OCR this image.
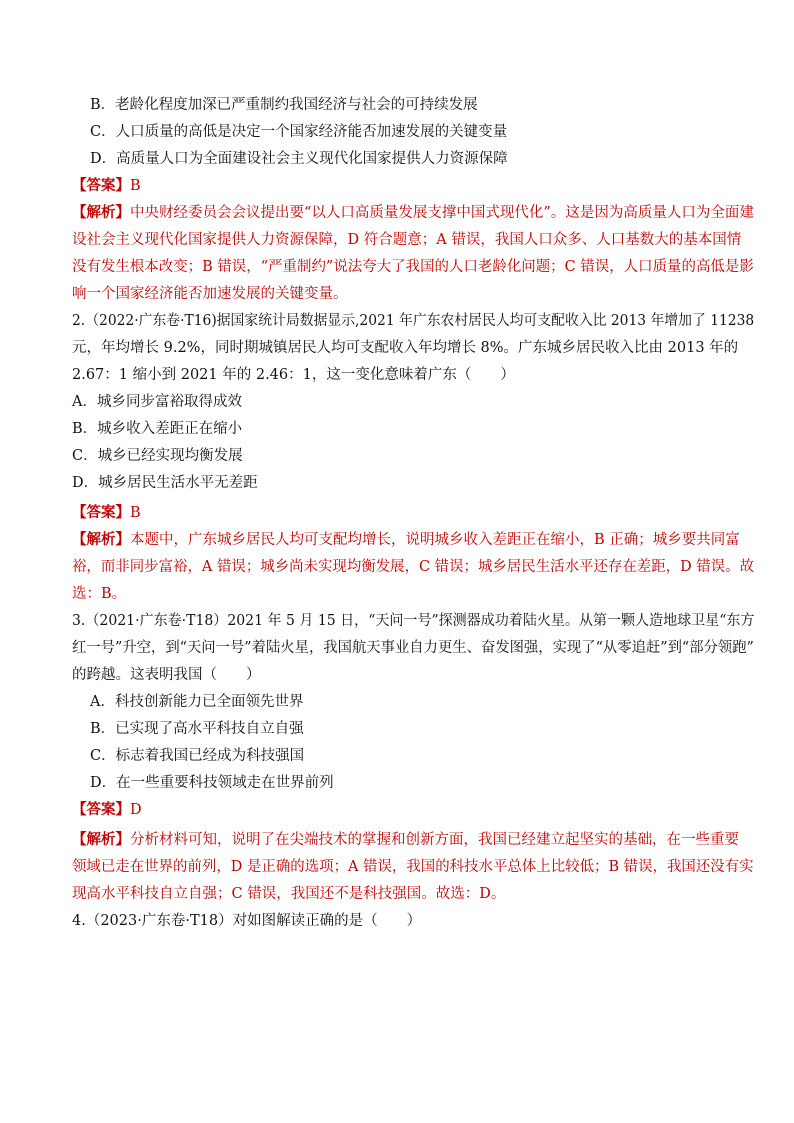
B．老龄化程度加深已严重制约我国经济与社会的可持续发展
C．人口质量的高低是决定一个国家经济能否加速发展的关键变量
D．高质量人口为全面建设社会主义现代化国家提供人力资源保障
【答案】B
【解析】中央财经委员会会议提出要“以人口高质量发展支撑中国式现代化”。这是因为高质量人口为全面建
设社会主义现代化国家提供人力资源保障，D 符合题意；A 错误，我国人口众多、人口基数大的基本国情
没有发生根本改变；B 错误，“严重制约”说法夸大了我国的人口老龄化问题；C 错误，人口质量的高低是影
响一个国家经济能否加速发展的关键变量。
2.（2022·广东卷·T16)据国家统计局数据显示,2021 年广东农村居民人均可支配收入比 2013 年增加了 11238
元，年均增长 9.2%，同时期城镇居民人均可支配收入年均增长 8%。广东城乡居民收入比由 2013 年的
2.67：1 缩小到 2021 年的 2.46：1，这一变化意味着广东（　　）
A．城乡同步富裕取得成效
B．城乡收入差距正在缩小
C．城乡已经实现均衡发展
D．城乡居民生活水平无差距
【答案】B
【解析】本题中，广东城乡居民人均可支配均增长，说明城乡收入差距正在缩小，B 正确；城乡要共同富
裕，而非同步富裕，A 错误；城乡尚未实现均衡发展，C 错误；城乡居民生活水平还存在差距，D 错误。故
选：B。
3.（2021·广东卷·T18）2021 年 5 月 15 日，“天问一号”探测器成功着陆火星。从第一颗人造地球卫星“东方
红一号”升空，到“天问一号”着陆火星，我国航天事业自力更生、奋发图强，实现了“从零追赶”到“部分领跑”
的跨越。这表明我国（　　）
A．科技创新能力已全面领先世界
B．已实现了高水平科技自立自强
C．标志着我国已经成为科技强国
D．在一些重要科技领域走在世界前列
【答案】D
【解析】分析材料可知，说明了在尖端技术的掌握和创新方面，我国已经建立起坚实的基础，在一些重要
领域已走在世界的前列，D 是正确的选项；A 错误，我国的科技水平总体上比较低；B 错误，我国还没有实
现高水平科技自立自强；C 错误，我国还不是科技强国。故选：D。
4.（2023·广东卷·T18）对如图解读正确的是（　　）
